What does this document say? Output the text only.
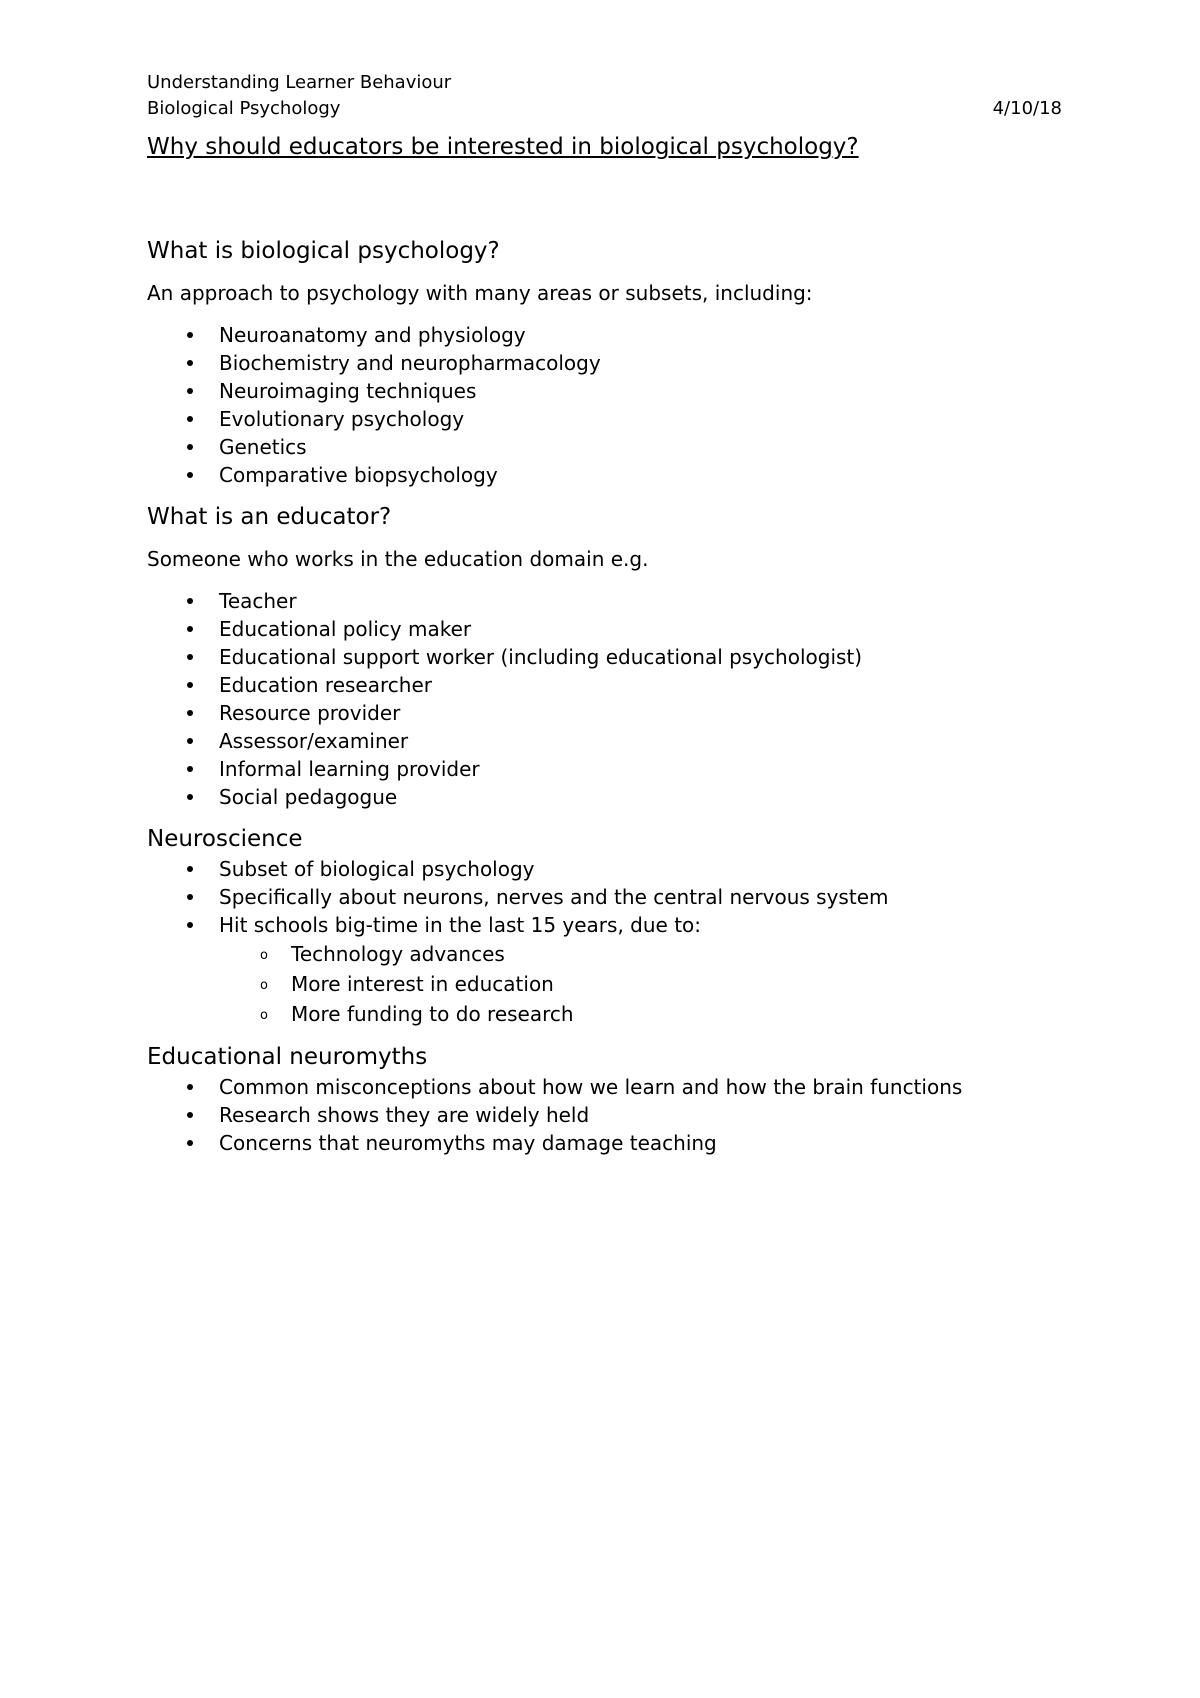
Understanding Learner Behaviour
Biological Psychology	4/10/18
Why should educators be interested in biological psychology?
What is biological psychology?

An approach to psychology with many areas or subsets, including:

Neuroanatomy and physiology
Biochemistry and neuropharmacology
Neuroimaging techniques
Evolutionary psychology
Genetics
Comparative biopsychology
What is an educator?

Someone who works in the education domain e.g.

Teacher
Educational policy maker
Educational support worker (including educational psychologist)
Education researcher
Resource provider
Assessor/examiner
Informal learning provider
Social pedagogue
Neuroscience
Subset of biological psychology
Specifically about neurons, nerves and the central nervous system
Hit schools big-time in the last 15 years, due to:
o Technology advances
o More interest in education
o More funding to do research
Educational neuromyths
Common misconceptions about how we learn and how the brain functions
Research shows they are widely held
Concerns that neuromyths may damage teaching
